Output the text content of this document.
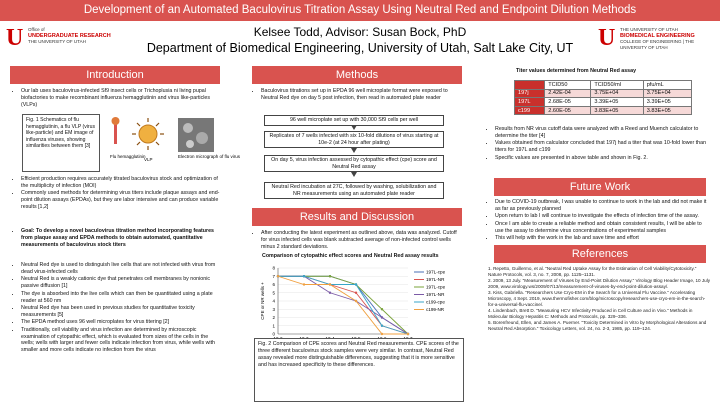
Development of an Automated Baculovirus Titration Assay Using Neutral Red and Endpoint Dilution Methods
U	Office of
UNDERGRADUATE RESEARCH
THE UNIVERSITY OF UTAH	U	THE UNIVERSITY OF UTAH
BIOMEDICAL ENGINEERING
COLLEGE OF ENGINEERING | THE UNIVERSITY OF UTAH
Kelsee Todd, Advisor: Susan Bock, PhD
Department of Biomedical Engineering, University of Utah, Salt Lake City, UT
Introduction
• Our lab uses baculovirus-infected Sf9 insect cells or Trichoplusia ni living pupal biofactories to make recombinant influenza hemagglutinin and virus like-particles (VLPs)
Fig. 1 Schematics of flu hemagglutinin, a flu VLP (virus like-particle) and EM image of influenza viruses, showing similarities between them [3]
Flu hemagglutinin
VLP
Electron micrograph of flu virus
• Efficient production requires accurately titrated baculovirus stock and optimization of the multiplicity of infection (MOI)
• Commonly used methods for determining virus titers include plaque assays and end-point dilution assays (EPDAs), but they are labor intensive and can produce variable results [1,2]
• Goal: To develop a novel baculovirus titration method incorporating features from plaque assay and EPDA methods to obtain automated, quantitative measurements of baculovirus stock titers
• Neutral Red dye is used to distinguish live cells that are not infected with virus from dead virus-infected cells
• Neutral Red is a weakly cationic dye that penetrates cell membranes by nonionic passive diffusion [1]
• The dye is absorbed into the live cells which can then be quantitated using a plate reader at 560 nm
• Neutral Red dye has been used in previous studies for quantitative toxicity measurements [5]
• The EPDA method uses 96 well microplates for virus titering [2]
• Traditionally, cell viability and virus infection are determined by microscopic examination of cytopathic effect, which is evaluated from sizes of the cells in the wells; wells with larger and fewer cells indicate infection from virus, while wells with smaller and more cells indicate no infection from the virus
Methods
• Baculovirus titrations set up in EPDA 96 well microplate format were exposed to Neutral Red dye on day 5 post infection, then read in automated plate reader
96 well microplate set up with 30,000 Sf9 cells per well
Replicates of 7 wells infected with six 10-fold dilutions of virus starting at 10e-2 (at 24 hour after plating)
On day 5, virus infection assessed by cytopathic effect (cpe) score and Neutral Red assay
Neutral Red incubation at 27C, followed by washing, solubilization and NR measurements using an automated plate reader
Results and Discussion
• After conducting the latest experiment as outlined above, data was analyzed. Cutoff for virus infected cells was blank subtracted average of non-infected control wells minus 2 standard deviations.
Comparison of cytopathic effect scores and Neutral Red assay results
0
1
2
3
4
5
6
7
8
CPE or NR wells +
197L-cpe
197L-NR
197L-cpe
197L-NR
c199-cpe
c199-NR
Fig. 2 Comparison of CPE scores and Neutral Red measurements. CPE scores of the three different baculovirus stock samples were very similar. In contrast, Neutral Red assay revealed more distinguishable differences, suggesting that it is more sensitive and has increased specificity to these differences.
Titer values determined from Neutral Red assay
	TCID50	TCID50/ml	pfu/mL
197j	2.42E-04	3.75E+04	3.75E+04
197L	2.68E-05	3.39E+05	3.39E+05
c199	2.60E-05	3.83E+05	3.83E+05
• Results from NR virus cutoff data were analyzed with a Reed and Muench calculator to determine the titer [4]
• Values obtained from calculator concluded that 197j had a titer that was 10-fold lower than titers for 197L and c199
• Specific values are presented in above table and shown in Fig. 2.
Future Work
• Due to COVID-19 outbreak, I was unable to continue to work in the lab and did not make it as far as previously planned
• Upon return to lab I will continue to investigate the effects of infection time of the assay.
• Once I am able to create a reliable method and obtain consistent results, I will be able to use the assay to determine virus concentrations of experimental samples
• This will help with the work in the lab and save time and effort
References
1. Repetto, Guillermo, et al. "Neutral Red Uptake Assay for the Estimation of Cell Viability/Cytotoxicity." Nature Protocols, vol. 3, no. 7, 2008, pp. 1125–1131.
2. 2009, 13 July. "Measurement of Viruses by End-Point Dilution Assay." Virology Blog Header Image, 10 July 2009, www.virology.ws/2009/07/13/measurement-of-viruses-by-end-point-dilution-assay/.
3. Kiss, Gabriella. "Researchers Use Cryo-EM in the Search for a Universal Flu Vaccine." Accelerating Microscopy, 4 Sept. 2019, www.thermofisher.com/blog/microscopy/researchers-use-cryo-em-in-the-search-for-a-universal-flu-vaccine/.
4. Lindenbach, Brett D. "Measuring HCV Infectivity Produced in Cell Culture and in Vivo." Methods in Molecular Biology Hepatitis C: Methods and Protocols, pp. 329–336.
5. Borenfreund, Ellen, and James A. Puerner. "Toxicity Determined in Vitro by Morphological Alterations and Neutral Red Absorption." Toxicology Letters, vol. 24, no. 2-3, 1985, pp. 119–124.
